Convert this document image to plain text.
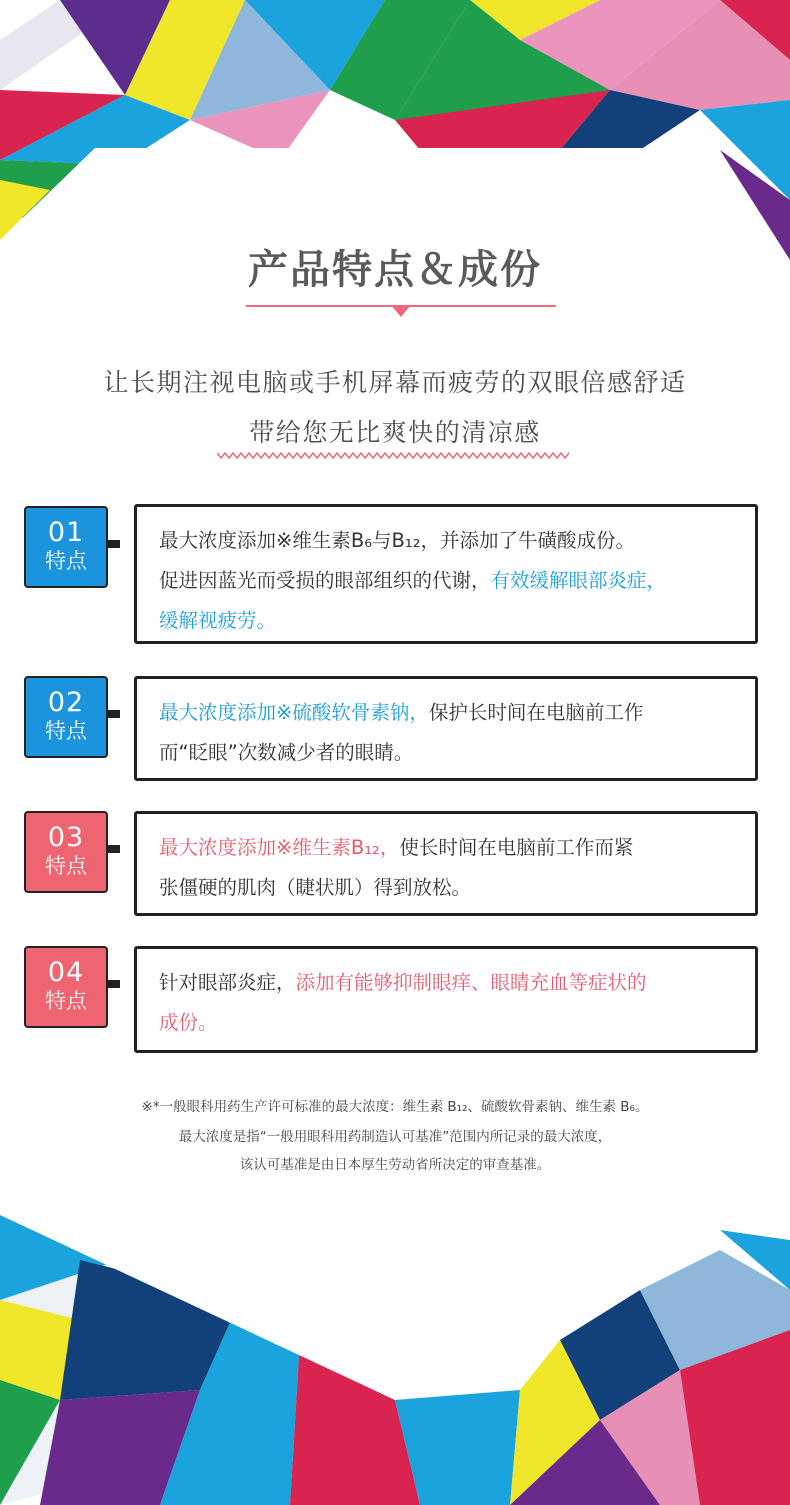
产品特点＆成份
让长期注视电脑或手机屏幕而疲劳的双眼倍感舒适
带给您无比爽快的清凉感
01
特点
最大浓度添加※维生素B₆与B₁₂，并添加了牛磺酸成份。
促进因蓝光而受损的眼部组织的代谢，有效缓解眼部炎症，
缓解视疲劳。
02
特点
最大浓度添加※硫酸软骨素钠，保护长时间在电脑前工作
而“眨眼”次数减少者的眼睛。
03
特点
最大浓度添加※维生素B₁₂，使长时间在电脑前工作而紧
张僵硬的肌肉（睫状肌）得到放松。
04
特点
针对眼部炎症，添加有能够抑制眼痒、眼睛充血等症状的
成份。
※*一般眼科用药生产许可标准的最大浓度：维生素 B₁₂、硫酸软骨素钠、维生素 B₆。
最大浓度是指“一般用眼科用药制造认可基准”范围内所记录的最大浓度，
该认可基准是由日本厚生劳动省所决定的审查基准。
